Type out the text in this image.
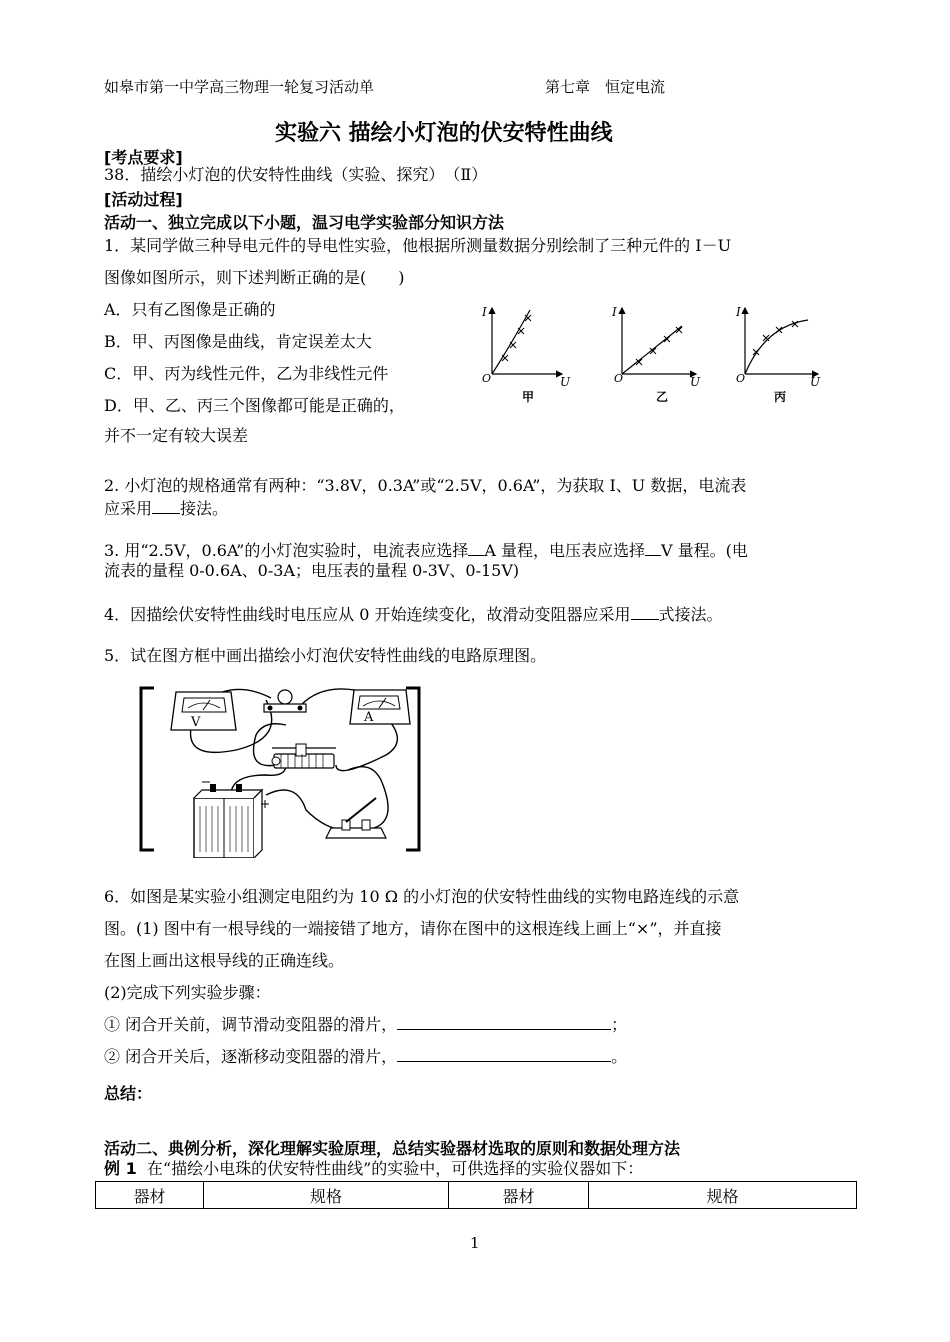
如皋市第一中学高三物理一轮复习活动单	第七章　恒定电流
实验六 描绘小灯泡的伏安特性曲线
[考点要求]
38．描绘小灯泡的伏安特性曲线（实验、探究）　（Ⅱ）
[活动过程]
活动一、独立完成以下小题，温习电学实验部分知识方法
1．某同学做三种导电元件的导电性实验，他根据所测量数据分别绘制了三种元件的 I－U
图像如图所示，则下述判断正确的是(　　)
A．只有乙图像是正确的
B．甲、丙图像是曲线，肯定误差太大
C．甲、丙为线性元件，乙为非线性元件
D．甲、乙、丙三个图像都可能是正确的，
并不一定有较大误差
I
U
O
甲
I
U
O
乙
I
U
O
丙
2. 小灯泡的规格通常有两种：“3.8V，0.3A”或“2.5V，0.6A”，为获取 I、U 数据，电流表
应采用 接法。
3. 用“2.5V，0.6A”的小灯泡实验时，电流表应选择 A 量程，电压表应选择 V 量程。(电
流表的量程 0-0.6A、0-3A；电压表的量程 0-3V、0-15V)
4．因描绘伏安特性曲线时电压应从 0 开始连续变化，故滑动变阻器应采用 式接法。
5．试在图方框中画出描绘小灯泡伏安特性曲线的电路原理图。
V	A
6．如图是某实验小组测定电阻约为 10 Ω 的小灯泡的伏安特性曲线的实物电路连线的示意
图。(1) 图中有一根导线的一端接错了地方，请你在图中的这根连线上画上“×”，并直接
在图上画出这根导线的正确连线。
(2)完成下列实验步骤：
① 闭合开关前，调节滑动变阻器的滑片，	；
② 闭合开关后，逐渐移动变阻器的滑片，	。
总结：
活动二、典例分析，深化理解实验原理，总结实验器材选取的原则和数据处理方法
例 1 在“描绘小电珠的伏安特性曲线”的实验中，可供选择的实验仪器如下：
器材	规格	器材	规格
1
